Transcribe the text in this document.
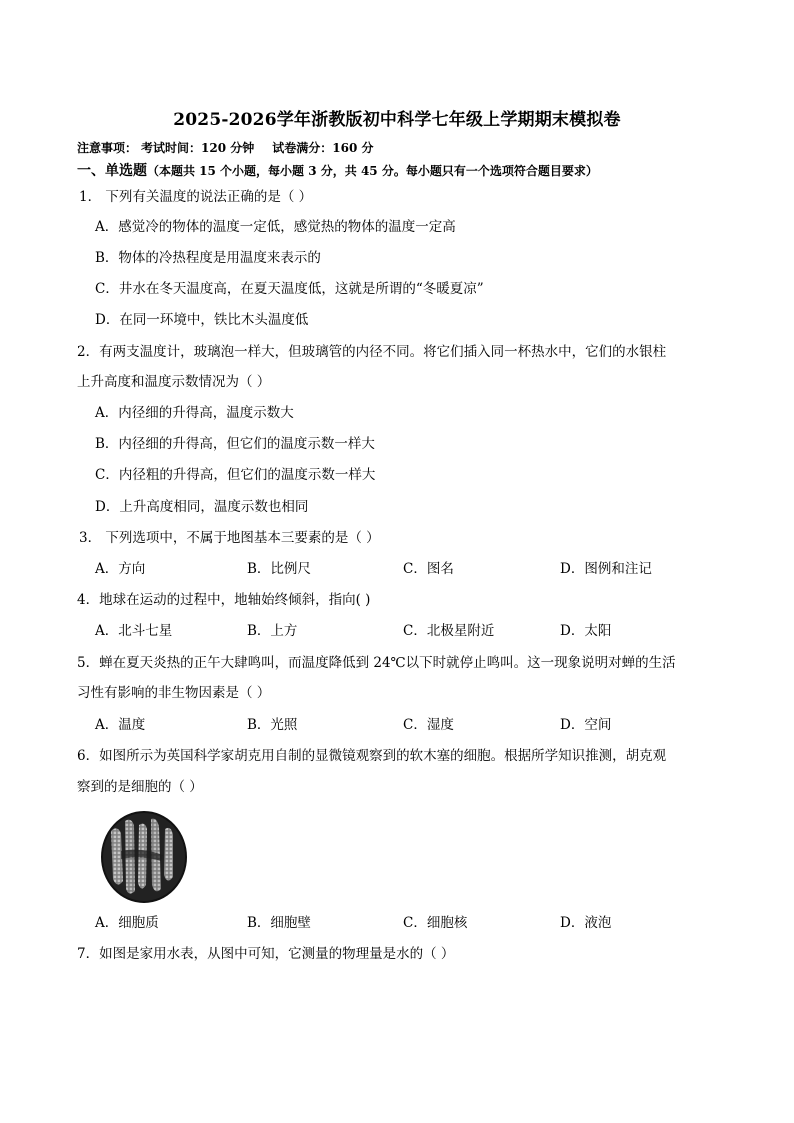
2025-2026学年浙教版初中科学七年级上学期期末模拟卷
注意事项： 考试时间：120 分钟 试卷满分：160 分
一、单选题（本题共 15 个小题，每小题 3 分，共 45 分。每小题只有一个选项符合题目要求）
1． 下列有关温度的说法正确的是（ ）
A．感觉冷的物体的温度一定低，感觉热的物体的温度一定高
B．物体的冷热程度是用温度来表示的
C．井水在冬天温度高，在夏天温度低，这就是所谓的“冬暖夏凉”
D．在同一环境中，铁比木头温度低
2．有两支温度计，玻璃泡一样大，但玻璃管的内径不同。将它们插入同一杯热水中，它们的水银柱
上升高度和温度示数情况为（ ）
A．内径细的升得高，温度示数大
B．内径细的升得高，但它们的温度示数一样大
C．内径粗的升得高，但它们的温度示数一样大
D．上升高度相同，温度示数也相同
3． 下列选项中，不属于地图基本三要素的是（ ）
A．方向	B．比例尺	C．图名	D．图例和注记
4．地球在运动的过程中，地轴始终倾斜，指向( )
A．北斗七星	B．上方	C．北极星附近	D．太阳
5．蝉在夏天炎热的正午大肆鸣叫，而温度降低到 24℃以下时就停止鸣叫。这一现象说明对蝉的生活
习性有影响的非生物因素是（ ）
A．温度	B．光照	C．湿度	D．空间
6．如图所示为英国科学家胡克用自制的显微镜观察到的软木塞的细胞。根据所学知识推测，胡克观
察到的是细胞的（ ）
A．细胞质	B．细胞壁	C．细胞核	D．液泡
7．如图是家用水表，从图中可知，它测量的物理量是水的（ ）
